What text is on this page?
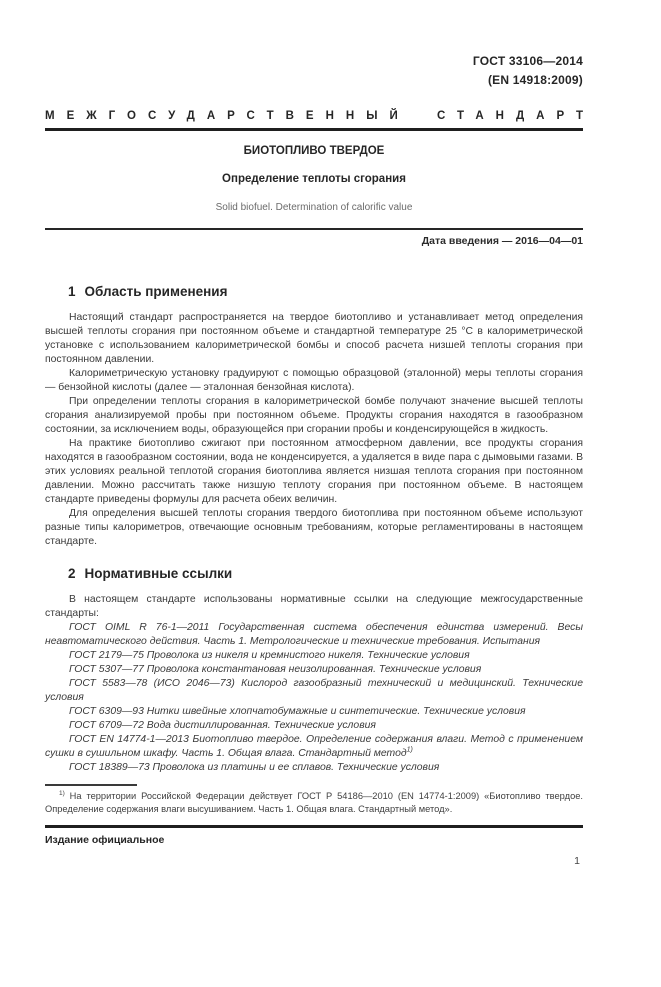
ГОСТ 33106—2014
(EN 14918:2009)
МЕЖГОСУДАРСТВЕННЫЙ СТАНДАРТ
БИОТОПЛИВО ТВЕРДОЕ
Определение теплоты сгорания
Solid biofuel. Determination of calorific value
Дата введения — 2016—04—01
1 Область применения

Настоящий стандарт распространяется на твердое биотопливо и устанавливает метод определения высшей теплоты сгорания при постоянном объеме и стандартной температуре 25 °С в калориметрической установке с использованием калориметрической бомбы и способ расчета низшей теплоты сгорания при постоянном давлении.

Калориметрическую установку градуируют с помощью образцовой (эталонной) меры теплоты сгорания — бензойной кислоты (далее — эталонная бензойная кислота).

При определении теплоты сгорания в калориметрической бомбе получают значение высшей теплоты сгорания анализируемой пробы при постоянном объеме. Продукты сгорания находятся в газообразном состоянии, за исключением воды, образующейся при сгорании пробы и конденсирующейся в жидкость.

На практике биотопливо сжигают при постоянном атмосферном давлении, все продукты сгорания находятся в газообразном состоянии, вода не конденсируется, а удаляется в виде пара с дымовыми газами. В этих условиях реальной теплотой сгорания биотоплива является низшая теплота сгорания при постоянном давлении. Можно рассчитать также низшую теплоту сгорания при постоянном объеме. В настоящем стандарте приведены формулы для расчета обеих величин.

Для определения высшей теплоты сгорания твердого биотоплива при постоянном объеме используют разные типы калориметров, отвечающие основным требованиям, которые регламентированы в настоящем стандарте.

2 Нормативные ссылки

В настоящем стандарте использованы нормативные ссылки на следующие межгосударственные стандарты:

ГОСТ OIML R 76-1—2011 Государственная система обеспечения единства измерений. Весы неавтоматического действия. Часть 1. Метрологические и технические требования. Испытания

ГОСТ 2179—75 Проволока из никеля и кремнистого никеля. Технические условия

ГОСТ 5307—77 Проволока константановая неизолированная. Технические условия

ГОСТ 5583—78 (ИСО 2046—73) Кислород газообразный технический и медицинский. Технические условия

ГОСТ 6309—93 Нитки швейные хлопчатобумажные и синтетические. Технические условия

ГОСТ 6709—72 Вода дистиллированная. Технические условия

ГОСТ EN 14774-1—2013 Биотопливо твердое. Определение содержания влаги. Метод с применением сушки в сушильном шкафу. Часть 1. Общая влага. Стандартный метод$^{1)}$

ГОСТ 18389—73 Проволока из платины и ее сплавов. Технические условия

$^{1)}$ На территории Российской Федерации действует ГОСТ Р 54186—2010 (EN 14774-1:2009) «Биотопливо твердое. Определение содержания влаги высушиванием. Часть 1. Общая влага. Стандартный метод».

Издание официальное
1
